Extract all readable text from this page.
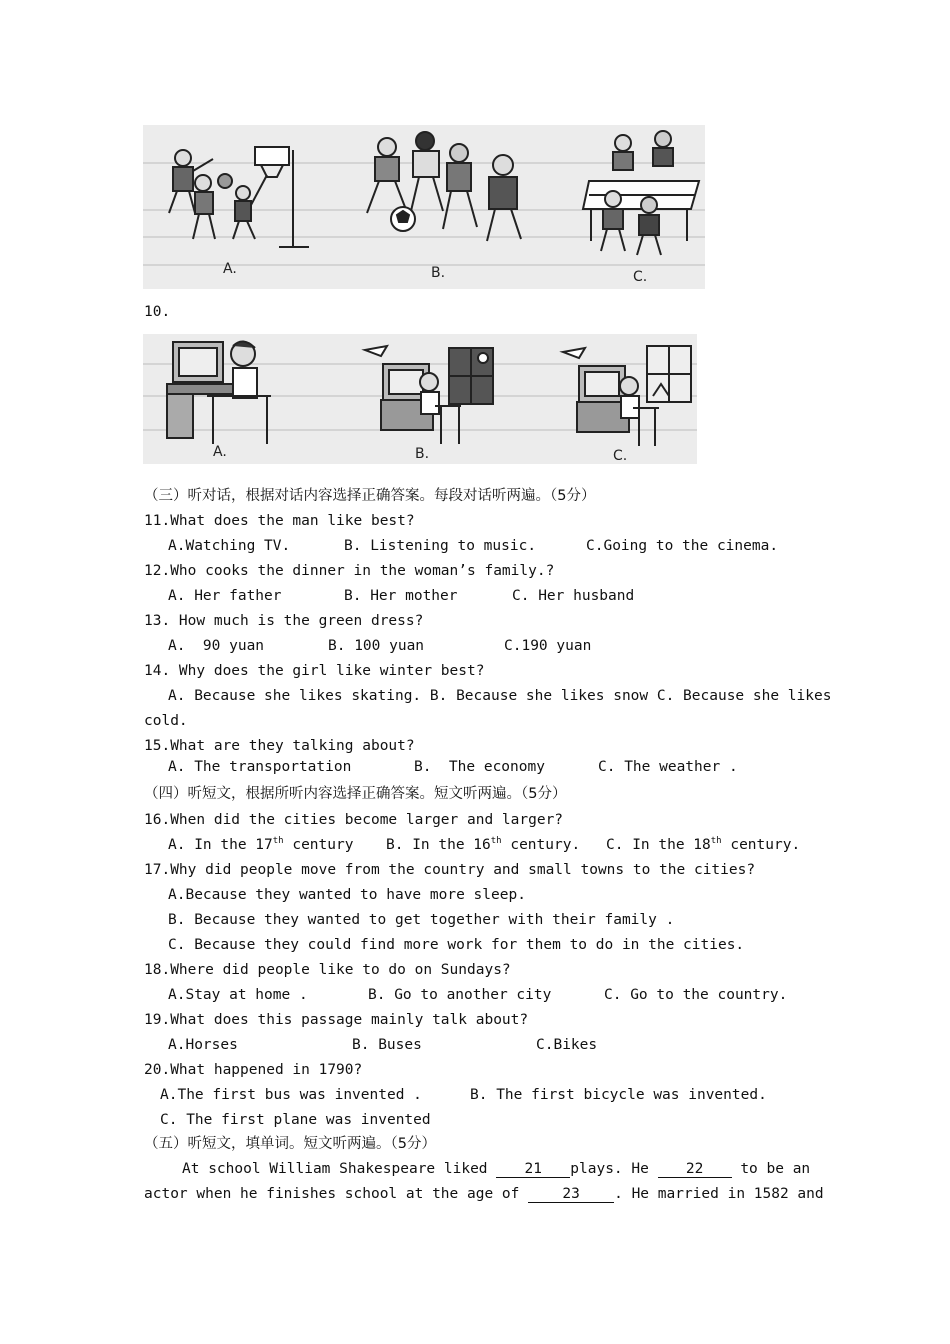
A.	B.	C.
10.
A.	B.	C.
（三）听对话，根据对话内容选择正确答案。每段对话听两遍。（5分）
11.What does the man like best?
A.Watching TV.	B. Listening to music.	C.Going to the cinema.
12.Who cooks the dinner in the woman’s family.?
A. Her father	B. Her mother	C. Her husband
13. How much is the green dress?
A.  90 yuan	B. 100 yuan	C.190 yuan
14. Why does the girl like winter best?
A. Because she likes skating. B. Because she likes snow C. Because she likes
cold.
15.What are they talking about?
A. The transportation	B.  The economy	C. The weather .
（四）听短文，根据所听内容选择正确答案。短文听两遍。（5分）
16.When did the cities become larger and larger?
A. In the 17th century B. In the 16th century. C. In the 18th century.
17.Why did people move from the country and small towns to the cities?
A.Because they wanted to have more sleep.
B. Because they wanted to get together with their family .
C. Because they could find more work for them to do in the cities.
18.Where did people like to do on Sundays?
A.Stay at home .	B. Go to another city	C. Go to the country.
19.What does this passage mainly talk about?
A.Horses	B. Buses	C.Bikes
20.What happened in 1790?
A.The first bus was invented .	B. The first bicycle was invented.
C. The first plane was invented
（五）听短文，填单词。短文听两遍。（5分）
At school William Shakespeare liked 21 plays. He 22 to be an
actor when he finishes school at the age of 23 . He married in 1582 and
